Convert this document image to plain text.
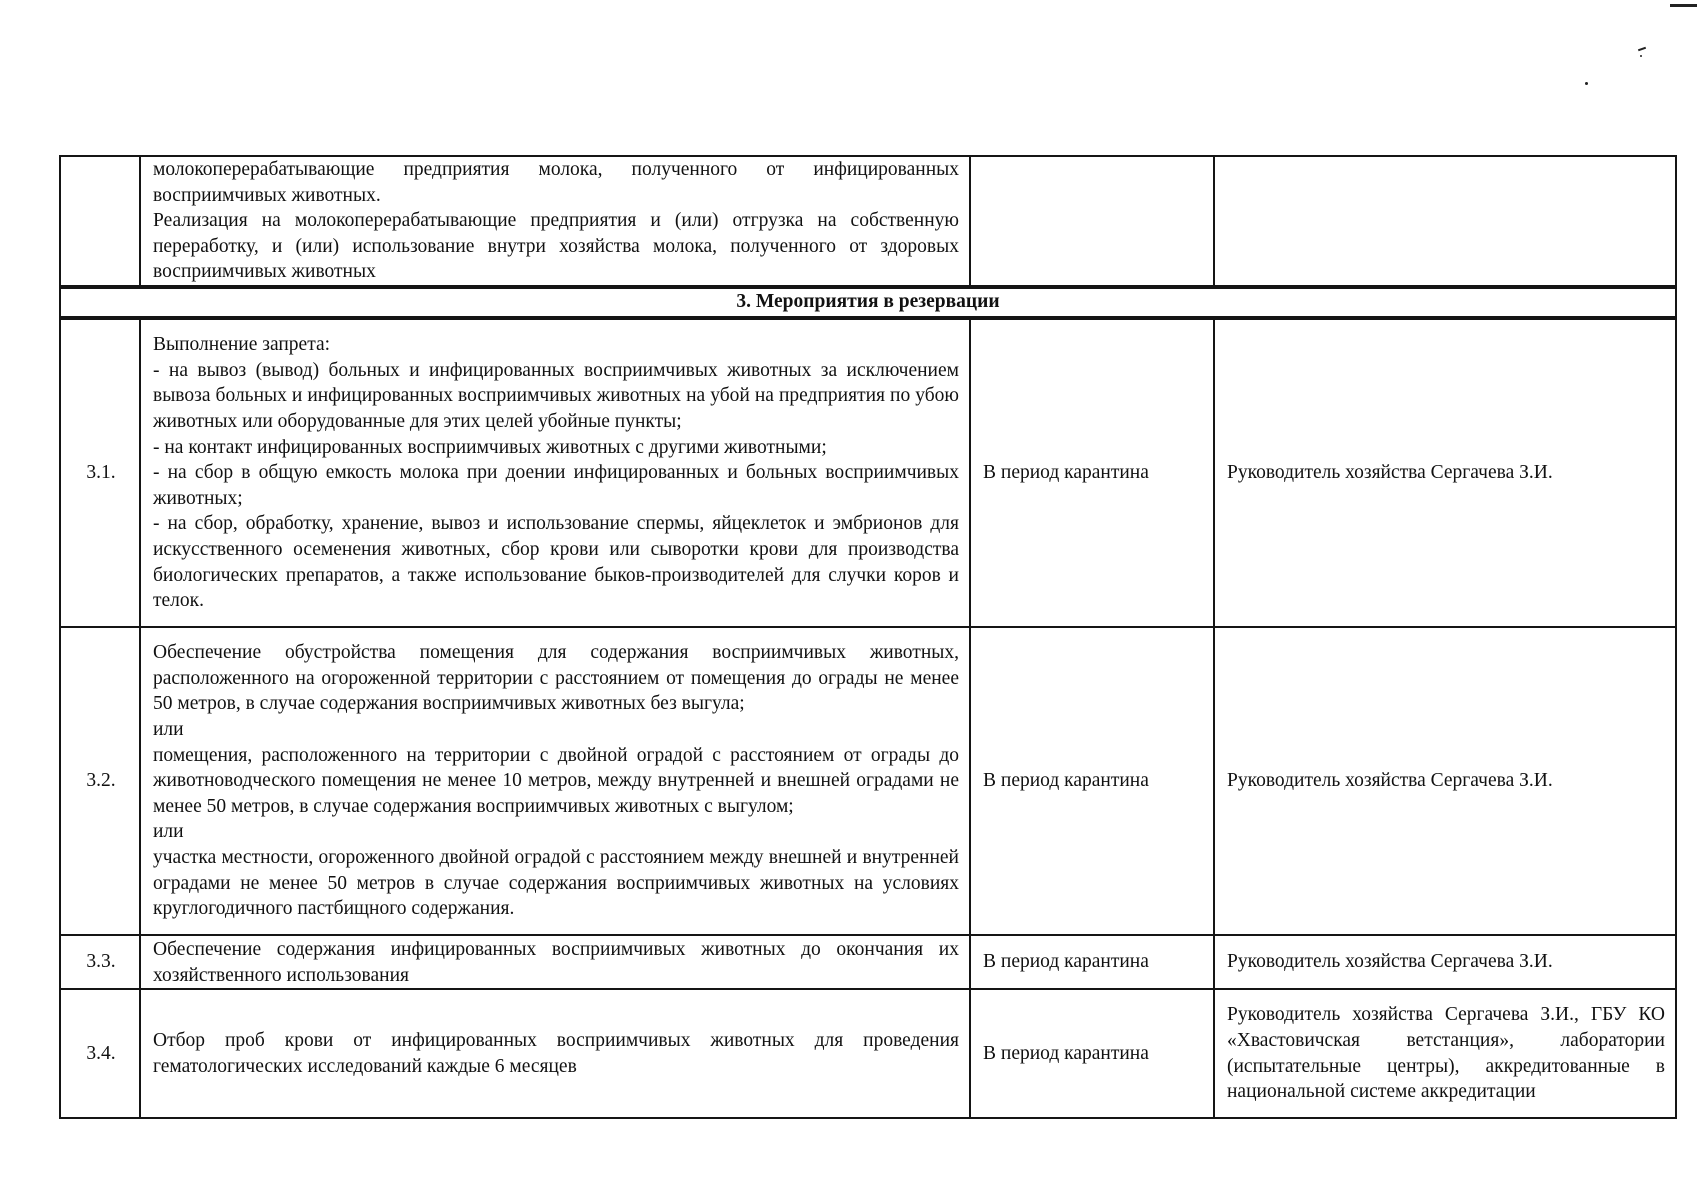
	молокоперерабатывающие предприятия молока, полученного от инфицированных восприимчивых животных.

Реализация на молокоперерабатывающие предприятия и (или) отгрузка на собственную переработку, и (или) использование внутри хозяйства молока, полученного от здоровых восприимчивых животных		

3. Мероприятия в резервации			
3.1.	Выполнение запрета:

- на вывоз (вывод) больных и инфицированных восприимчивых животных за исключением вывоза больных и инфицированных восприимчивых животных на убой на предприятия по убою животных или оборудованные для этих целей убойные пункты;

- на контакт инфицированных восприимчивых животных с другими животными;

- на сбор в общую емкость молока при доении инфицированных и больных восприимчивых животных;

- на сбор, обработку, хранение, вывоз и использование спермы, яйцеклеток и эмбрионов для искусственного осеменения животных, сбор крови или сыворотки крови для производства биологических препаратов, а также использование быков-производителей для случки коров и телок.	В период карантина	Руководитель хозяйства Сергачева З.И.
3.2.	Обеспечение обустройства помещения для содержания восприимчивых животных, расположенного на огороженной территории с расстоянием от помещения до ограды не менее 50 метров, в случае содержания восприимчивых животных без выгула;

или

помещения, расположенного на территории с двойной оградой с расстоянием от ограды до животноводческого помещения не менее 10 метров, между внутренней и внешней оградами не менее 50 метров, в случае содержания восприимчивых животных с выгулом;

или

участка местности, огороженного двойной оградой с расстоянием между внешней и внутренней оградами не менее 50 метров в случае содержания восприимчивых животных на условиях круглогодичного пастбищного содержания.	В период карантина	Руководитель хозяйства Сергачева З.И.
3.3.	Обеспечение содержания инфицированных восприимчивых животных до окончания их хозяйственного использования	В период карантина	Руководитель хозяйства Сергачева З.И.
3.4.	Отбор проб крови от инфицированных восприимчивых животных для проведения гематологических исследований каждые 6 месяцев	В период карантина	Руководитель хозяйства Сергачева З.И., ГБУ КО «Хвастовичская ветстанция», лаборатории (испытательные центры), аккредитованные в национальной системе аккредитации
